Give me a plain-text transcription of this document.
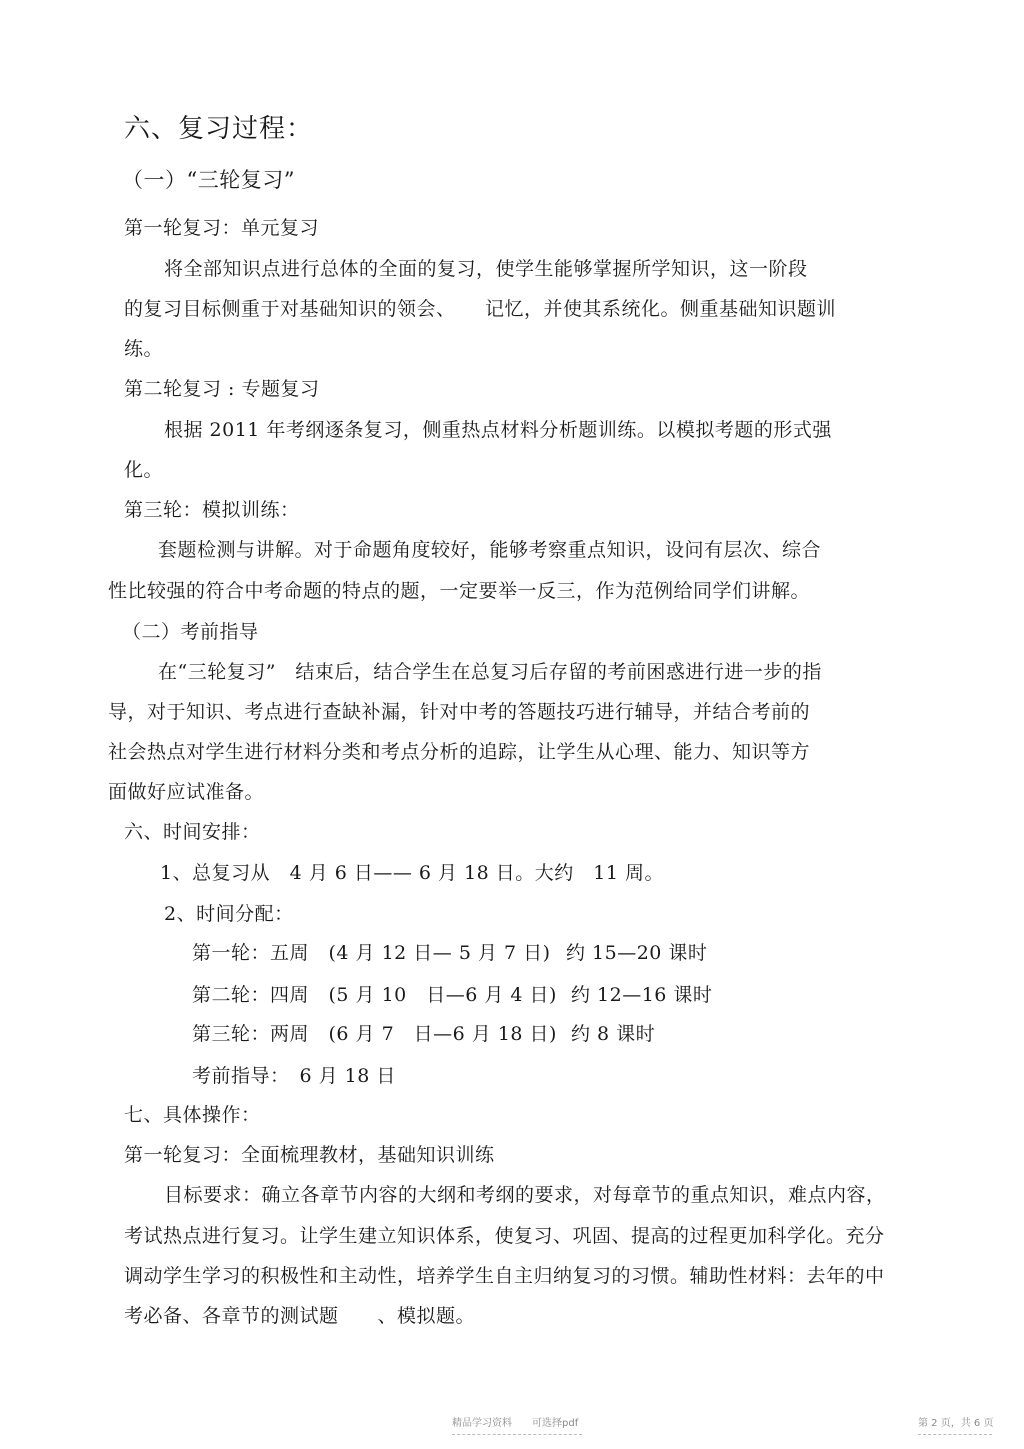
六、复习过程：
（一）“三轮复习”
第一轮复习：单元复习
将全部知识点进行总体的全面的复习，使学生能够掌握所学知识，这一阶段
的复习目标侧重于对基础知识的领会、　　记忆，并使其系统化。侧重基础知识题训
练。
第二轮复习 : 专题复习
根据 2011 年考纲逐条复习，侧重热点材料分析题训练。以模拟考题的形式强
化。
第三轮：模拟训练：
套题检测与讲解。对于命题角度较好，能够考察重点知识，设问有层次、综合
性比较强的符合中考命题的特点的题，一定要举一反三，作为范例给同学们讲解。
（二）考前指导
在“三轮复习”　结束后，结合学生在总复习后存留的考前困惑进行进一步的指
导，对于知识、考点进行查缺补漏，针对中考的答题技巧进行辅导，并结合考前的
社会热点对学生进行材料分类和考点分析的追踪，让学生从心理、能力、知识等方
面做好应试准备。
六、时间安排：
1、总复习从　4 月 6 日—— 6 月 18 日。大约　11 周。
2、时间分配：
第一轮：五周　(4 月 12 日— 5 月 7 日) 约 15—20 课时
第二轮：四周　(5 月 10　日—6 月 4 日) 约 12—16 课时
第三轮：两周　(6 月 7　日—6 月 18 日) 约 8 课时
考前指导：　6 月 18 日
七、具体操作：
第一轮复习：全面梳理教材，基础知识训练
目标要求：确立各章节内容的大纲和考纲的要求，对每章节的重点知识，难点内容，
考试热点进行复习。让学生建立知识体系，使复习、巩固、提高的过程更加科学化。充分
调动学生学习的积极性和主动性，培养学生自主归纳复习的习惯。辅助性材料：去年的中
考必备、各章节的测试题　　、模拟题。
精品学习资料　　可选择pdf	第 2 页，共 6 页
